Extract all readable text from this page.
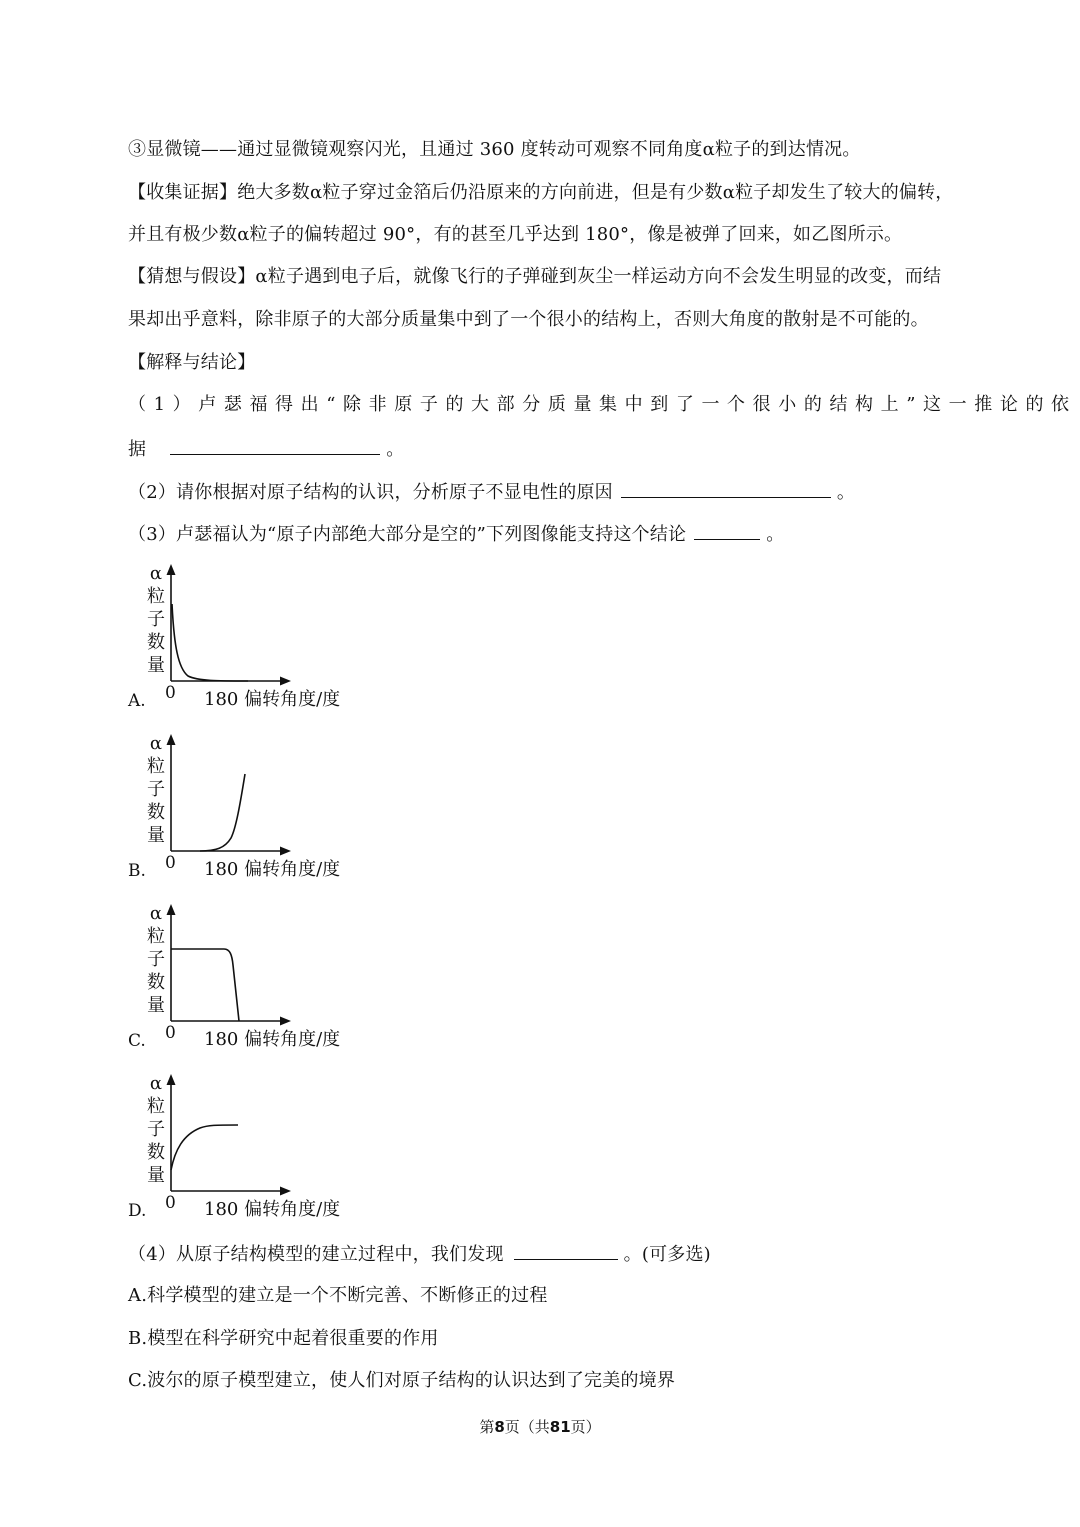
③显微镜——通过显微镜观察闪光，且通过 360 度转动可观察不同角度α粒子的到达情况。
【收集证据】绝大多数α粒子穿过金箔后仍沿原来的方向前进，但是有少数α粒子却发生了较大的偏转，
并且有极少数α粒子的偏转超过 90°，有的甚至几乎达到 180°，像是被弹了回来，如乙图所示。
【猜想与假设】α粒子遇到电子后，就像飞行的子弹碰到灰尘一样运动方向不会发生明显的改变，而结
果却出乎意料，除非原子的大部分质量集中到了一个很小的结构上，否则大角度的散射是不可能的。
【解释与结论】
（1）卢瑟福得出“除非原子的大部分质量集中到了一个很小的结构上”这一推论的依
据	。
（2）请你根据对原子结构的认识，分析原子不显电性的原因	。
（3）卢瑟福认为“原子内部绝大部分是空的”下列图像能支持这个结论	。
α
粒
子
数
量
0 180 偏转角度/度
A.
α
粒
子
数
量
0 180 偏转角度/度
B.
α
粒
子
数
量
0 180 偏转角度/度
C.
α
粒
子
数
量
0 180 偏转角度/度
D.
（4）从原子结构模型的建立过程中，我们发现	。(可多选)
A.科学模型的建立是一个不断完善、不断修正的过程
B.模型在科学研究中起着很重要的作用
C.波尔的原子模型建立，使人们对原子结构的认识达到了完美的境界
第8页（共81页）
